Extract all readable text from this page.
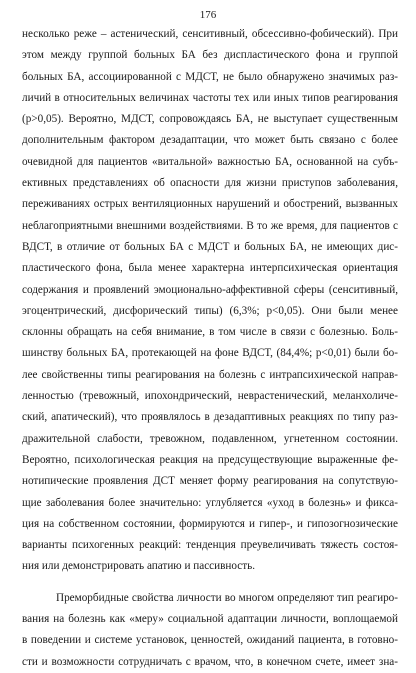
176
несколько реже – астенический, сенситивный, обсессивно-фобический). При
этом между группой больных БА без диспластического фона и группой
больных БА, ассоциированной с МДСТ, не было обнаружено значимых раз-
личий в относительных величинах частоты тех или иных типов реагирования
(p>0,05). Вероятно, МДСТ, сопровождаясь БА, не выступает существенным
дополнительным фактором дезадаптации, что может быть связано с более
очевидной для пациентов «витальной» важностью БА, основанной на субъ-
ективных представлениях об опасности для жизни приступов заболевания,
переживаниях острых вентиляционных нарушений и обострений, вызванных
неблагоприятными внешними воздействиями. В то же время, для пациентов с
ВДСТ, в отличие от больных БА с МДСТ и больных БА, не имеющих дис-
пластического фона, была менее характерна интерпсихическая ориентация
содержания и проявлений эмоционально-аффективной сферы (сенситивный,
эгоцентрический, дисфорический типы) (6,3%; p<0,05). Они были менее
склонны обращать на себя внимание, в том числе в связи с болезнью. Боль-
шинству больных БА, протекающей на фоне ВДСТ, (84,4%; p<0,01) были бо-
лее свойственны типы реагирования на болезнь с интрапсихической направ-
ленностью (тревожный, ипохондрический, неврастенический, меланхоличе-
ский, апатический), что проявлялось в дезадаптивных реакциях по типу раз-
дражительной слабости, тревожном, подавленном, угнетенном состоянии.
Вероятно, психологическая реакция на предсуществующие выраженные фе-
нотипические проявления ДСТ меняет форму реагирования на сопутствую-
щие заболевания более значительно: углубляется «уход в болезнь» и фикса-
ция на собственном состоянии, формируются и гипер-, и гипозогнозические
варианты психогенных реакций: тенденция преувеличивать тяжесть состоя-
ния или демонстрировать апатию и пассивность.
Преморбидные свойства личности во многом определяют тип реагиро-
вания на болезнь как «меру» социальной адаптации личности, воплощаемой
в поведении и системе установок, ценностей, ожиданий пациента, в готовно-
сти и возможности сотрудничать с врачом, что, в конечном счете, имеет зна-
